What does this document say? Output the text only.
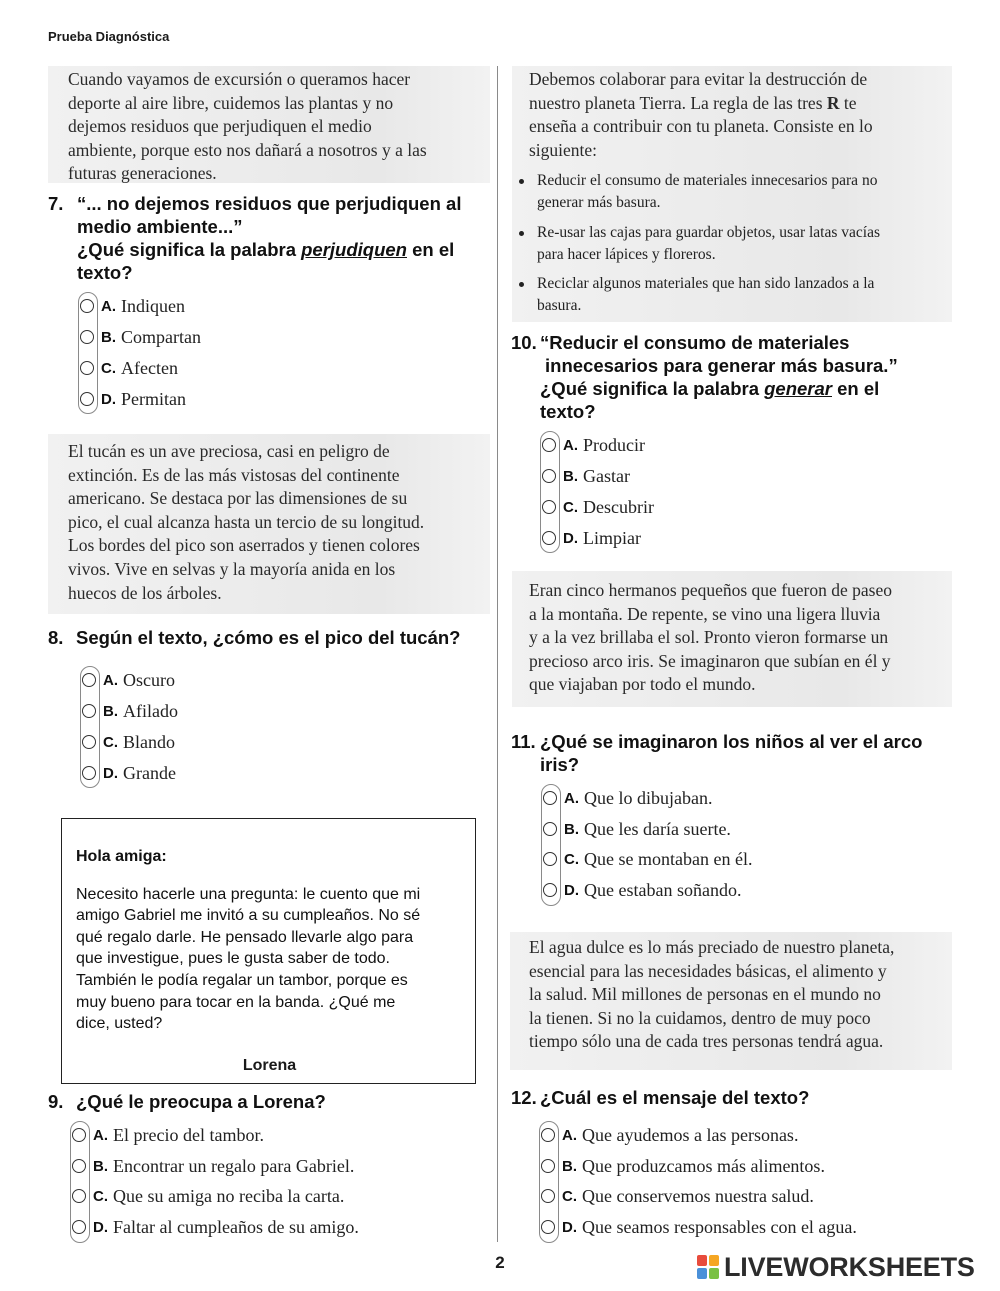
Prueba Diagnóstica
Cuando vayamos de excursión o queramos hacer
deporte al aire libre, cuidemos las plantas y no
dejemos residuos que perjudiquen el medio
ambiente, porque esto nos dañará a nosotros y a las
futuras generaciones.
7. “... no dejemos residuos que perjudiquen al
medio ambiente...”
¿Qué significa la palabra perjudiquen en el
texto?
A. Indiquen
B. Compartan
C. Afecten
D. Permitan
El tucán es un ave preciosa, casi en peligro de
extinción. Es de las más vistosas del continente
americano. Se destaca por las dimensiones de su
pico, el cual alcanza hasta un tercio de su longitud.
Los bordes del pico son aserrados y tienen colores
vivos. Vive en selvas y la mayoría anida en los
huecos de los árboles.
8. Según el texto, ¿cómo es el pico del tucán?
A. Oscuro
B. Afilado
C. Blando
D. Grande
Hola amiga:
Necesito hacerle una pregunta: le cuento que mi
amigo Gabriel me invitó a su cumpleaños. No sé
qué regalo darle. He pensado llevarle algo para
que investigue, pues le gusta saber de todo.
También le podía regalar un tambor, porque es
muy bueno para tocar en la banda. ¿Qué me
dice, usted?
Lorena
9. ¿Qué le preocupa a Lorena?
A. El precio del tambor.
B. Encontrar un regalo para Gabriel.
C. Que su amiga no reciba la carta.
D. Faltar al cumpleaños de su amigo.
Debemos colaborar para evitar la destrucción de
nuestro planeta Tierra. La regla de las tres R te
enseña a contribuir con tu planeta. Consiste en lo
siguiente:
Reducir el consumo de materiales innecesarios para no
generar más basura.
Re-usar las cajas para guardar objetos, usar latas vacías
para hacer lápices y floreros.
Reciclar algunos materiales que han sido lanzados a la
basura.
10. “Reducir el consumo de materiales
innecesarios para generar más basura.”
¿Qué significa la palabra generar en el
texto?
A. Producir
B. Gastar
C. Descubrir
D. Limpiar
Eran cinco hermanos pequeños que fueron de paseo
a la montaña. De repente, se vino una ligera lluvia
y a la vez brillaba el sol. Pronto vieron formarse un
precioso arco iris. Se imaginaron que subían en él y
que viajaban por todo el mundo.
11. ¿Qué se imaginaron los niños al ver el arco
iris?
A. Que lo dibujaban.
B. Que les daría suerte.
C. Que se montaban en él.
D. Que estaban soñando.
El agua dulce es lo más preciado de nuestro planeta,
esencial para las necesidades básicas, el alimento y
la salud. Mil millones de personas en el mundo no
la tienen. Si no la cuidamos, dentro de muy poco
tiempo sólo una de cada tres personas tendrá agua.
12. ¿Cuál es el mensaje del texto?
A. Que ayudemos a las personas.
B. Que produzcamos más alimentos.
C. Que conservemos nuestra salud.
D. Que seamos responsables con el agua.
2	LIVEWORKSHEETS
